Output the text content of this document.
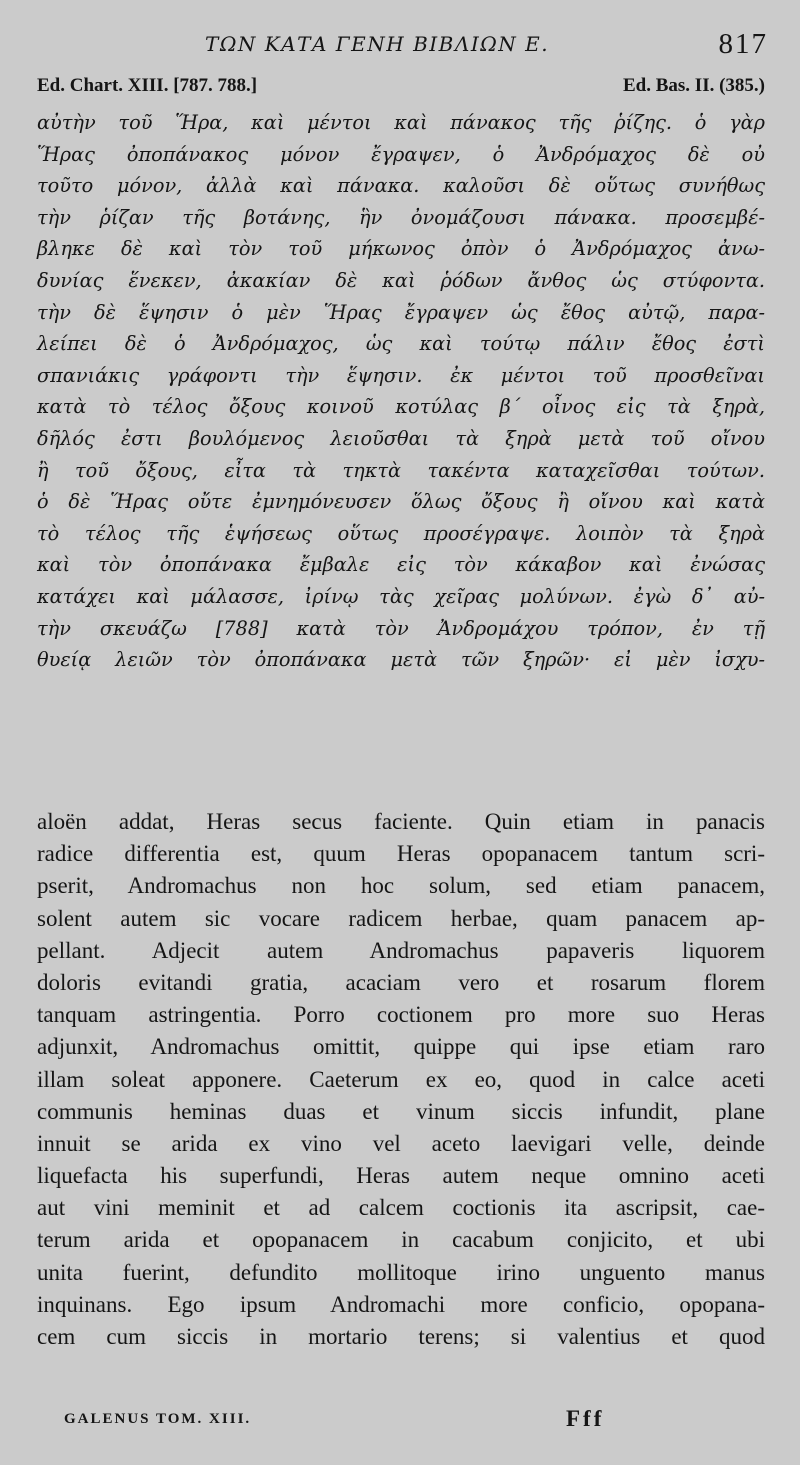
ΤΩΝ ΚΑΤΑ ΓΕΝΗ ΒΙΒΛΙΩΝ Ε.	817
Ed. Chart. XIII. [787. 788.]	Ed. Bas. II. (385.)
αὐτὴν τοῦ Ἥρα, καὶ μέντοι καὶ πάνακος τῆς ῥίζης. ὁ γὰρ
Ἥρας ὀποπάνακος μόνον ἔγραψεν, ὁ Ἀνδρόμαχος δὲ οὐ
τοῦτο μόνον, ἀλλὰ καὶ πάνακα. καλοῦσι δὲ οὕτως συνήθως
τὴν ῥίζαν τῆς βοτάνης, ἣν ὀνομάζουσι πάνακα. προσεμβέ-
βληκε δὲ καὶ τὸν τοῦ μήκωνος ὀπὸν ὁ Ἀνδρόμαχος ἀνω-
δυνίας ἕνεκεν, ἀκακίαν δὲ καὶ ῥόδων ἄνθος ὡς στύφοντα.
τὴν δὲ ἕψησιν ὁ μὲν Ἥρας ἔγραψεν ὡς ἔθος αὐτῷ, παρα-
λείπει δὲ ὁ Ἀνδρόμαχος, ὡς καὶ τούτῳ πάλιν ἔθος ἐστὶ
σπανιάκις γράφοντι τὴν ἕψησιν. ἐκ μέντοι τοῦ προσθεῖναι
κατὰ τὸ τέλος ὄξους κοινοῦ κοτύλας β΄ οἶνος εἰς τὰ ξηρὰ,
δῆλός ἐστι βουλόμενος λειοῦσθαι τὰ ξηρὰ μετὰ τοῦ οἴνου
ἢ τοῦ ὄξους, εἶτα τὰ τηκτὰ τακέντα καταχεῖσθαι τούτων.
ὁ δὲ Ἥρας οὔτε ἐμνημόνευσεν ὅλως ὄξους ἢ οἴνου καὶ κατὰ
τὸ τέλος τῆς ἑψήσεως οὕτως προσέγραψε. λοιπὸν τὰ ξηρὰ
καὶ τὸν ὀποπάνακα ἔμβαλε εἰς τὸν κάκαβον καὶ ἐνώσας
κατάχει καὶ μάλασσε, ἰρίνῳ τὰς χεῖρας μολύνων. ἐγὼ δ᾽ αὐ-
τὴν σκευάζω [788] κατὰ τὸν Ἀνδρομάχου τρόπον, ἐν τῇ
θυείᾳ λειῶν τὸν ὀποπάνακα μετὰ τῶν ξηρῶν· εἰ μὲν ἰσχυ-
aloën addat, Heras secus faciente. Quin etiam in panacis
radice differentia est, quum Heras opopanacem tantum scri-
pserit, Andromachus non hoc solum, sed etiam panacem,
solent autem sic vocare radicem herbae, quam panacem ap-
pellant. Adjecit autem Andromachus papaveris liquorem
doloris evitandi gratia, acaciam vero et rosarum florem
tanquam astringentia. Porro coctionem pro more suo Heras
adjunxit, Andromachus omittit, quippe qui ipse etiam raro
illam soleat apponere. Caeterum ex eo, quod in calce aceti
communis heminas duas et vinum siccis infundit, plane
innuit se arida ex vino vel aceto laevigari velle, deinde
liquefacta his superfundi, Heras autem neque omnino aceti
aut vini meminit et ad calcem coctionis ita ascripsit, cae-
terum arida et opopanacem in cacabum conjicito, et ubi
unita fuerint, defundito mollitoque irino unguento manus
inquinans. Ego ipsum Andromachi more conficio, opopana-
cem cum siccis in mortario terens; si valentius et quod
GALENUS TOM. XIII.	Fff
